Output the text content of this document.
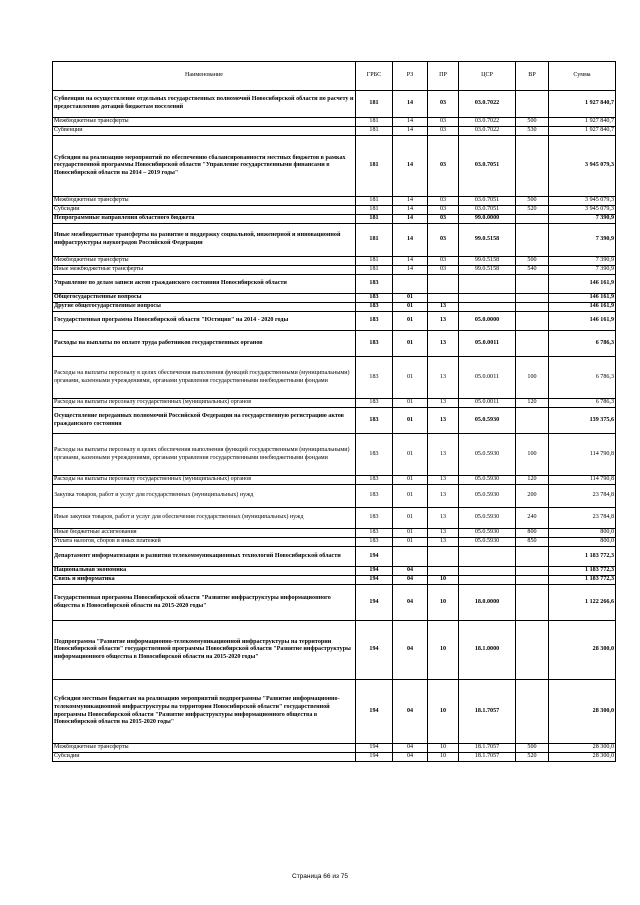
Наименование	ГРБС	РЗ	ПР	ЦСР	ВР	Сумма
Субвенции на осуществление отдельных государственных полномочий Новосибирской области по расчету и предоставлению дотаций бюджетам поселений	181	14	03	03.0.7022		1 927 840,7
Межбюджетные трансферты	181	14	03	03.0.7022	500	1 927 840,7
Субвенции	181	14	03	03.0.7022	530	1 927 840,7
Субсидии на реализацию мероприятий по обеспечению сбалансированности местных бюджетов в рамках государственной программы Новосибирской области "Управление государственными финансами в Новосибирской области на 2014 – 2019 годы"	181	14	03	03.0.7051		3 945 079,3
Межбюджетные трансферты	181	14	03	03.0.7051	500	3 945 079,3
Субсидии	181	14	03	03.0.7051	520	3 945 079,3
Непрограммные направления областного бюджета	181	14	03	99.0.0000		7 390,9
Иные межбюджетные трансферты на развитие и поддержку социальной, инженерной и инновационной инфраструктуры наукоградов Российской Федерации	181	14	03	99.0.5158		7 390,9
Межбюджетные трансферты	181	14	03	99.0.5158	500	7 390,9
Иные межбюджетные трансферты	181	14	03	99.0.5158	540	7 390,9
Управление по делам записи актов гражданского состояния Новосибирской области	183					146 161,9
Общегосударственные вопросы	183	01				146 161,9
Другие общегосударственные вопросы	183	01	13			146 161,9
Государственная программа Новосибирской области "Юстиция" на 2014 - 2020 годы	183	01	13	05.0.0000		146 161,9
Расходы на выплаты по оплате труда работников государственных органов	183	01	13	05.0.0011		6 786,3
Расходы на выплаты персоналу в целях обеспечения выполнения функций государственными (муниципальными) органами, казенными учреждениями, органами управления государственными внебюджетными фондами	183	01	13	05.0.0011	100	6 786,3
Расходы на выплаты персоналу государственных (муниципальных) органов	183	01	13	05.0.0011	120	6 786,3
Осуществление переданных полномочий Российской Федерации на государственную регистрацию актов гражданского состояния	183	01	13	05.0.5930		139 375,6
Расходы на выплаты персоналу в целях обеспечения выполнения функций государственными (муниципальными) органами, казенными учреждениями, органами управления государственными внебюджетными фондами	183	01	13	05.0.5930	100	114 790,8
Расходы на выплаты персоналу государственных (муниципальных) органов	183	01	13	05.0.5930	120	114 790,8
Закупка товаров, работ и услуг для государственных (муниципальных) нужд	183	01	13	05.0.5930	200	23 784,8
Иные закупки товаров, работ и услуг для обеспечения государственных (муниципальных) нужд	183	01	13	05.0.5930	240	23 784,8
Иные бюджетные ассигнования	183	01	13	05.0.5930	800	800,0
Уплата налогов, сборов и иных платежей	183	01	13	05.0.5930	850	800,0
Департамент информатизации и развития телекоммуникационных технологий Новосибирской области	194					1 183 772,3
Национальная экономика	194	04				1 183 772,3
Связь и информатика	194	04	10			1 183 772,3
Государственная программа Новосибирской области "Развитие инфраструктуры информационного общества в Новосибирской области на 2015-2020 годы"	194	04	10	18.0.0000		1 122 266,6
Подпрограмма "Развитие информационно-телекоммуникационной инфраструктуры на территории Новосибирской области" государственной программы Новосибирской области "Развитие инфраструктуры информационного общества в Новосибирской области на 2015-2020 годы"	194	04	10	18.1.0000		28 300,0
Субсидии местным бюджетам на реализацию мероприятий подпрограммы "Развитие информационно-телекоммуникационной инфраструктуры на территории Новосибирской области" государственной программы Новосибирской области "Развитие инфраструктуры информационного общества в Новосибирской области на 2015-2020 годы"	194	04	10	18.1.7057		28 300,0
Межбюджетные трансферты	194	04	10	18.1.7057	500	28 300,0
Субсидии	194	04	10	18.1.7057	520	28 300,0
Страница 66 из 75
